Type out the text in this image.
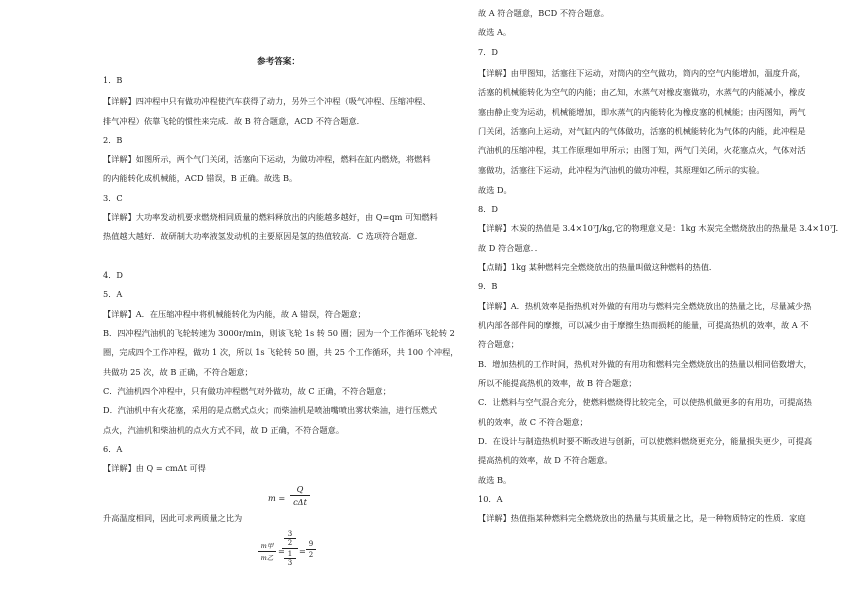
参考答案：
1．B
【详解】四冲程中只有做功冲程使汽车获得了动力，另外三个冲程（吸气冲程、压缩冲程、
排气冲程）依靠飞轮的惯性来完成．故 B 符合题意，ACD 不符合题意．
2．B
【详解】如图所示，两个气门关闭，活塞向下运动，为做功冲程，燃料在缸内燃烧，将燃料
的内能转化成机械能，ACD 错误，B 正确。故选 B。
3．C
【详解】大功率发动机要求燃烧相同质量的燃料释放出的内能越多越好，由 Q=qm 可知燃料
热值越大越好．故研制大功率液氢发动机的主要原因是氢的热值较高．C 选项符合题意．
4．D
5．A
【详解】A．在压缩冲程中将机械能转化为内能，故 A 错误，符合题意；
B．四冲程汽油机的飞轮转速为 3000r/min，则该飞轮 1s 转 50 圈；因为一个工作循环飞轮转 2
圈，完成四个工作冲程，做功 1 次，所以 1s 飞轮转 50 圈，共 25 个工作循环，共 100 个冲程，
共做功 25 次，故 B 正确，不符合题意；
C．汽油机四个冲程中，只有做功冲程燃气对外做功，故 C 正确，不符合题意；
D．汽油机中有火花塞，采用的是点燃式点火；而柴油机是喷油嘴喷出雾状柴油，进行压燃式
点火，汽油机和柴油机的点火方式不同，故 D 正确，不符合题意。
6．A
【详解】由 Q = cmΔt 可得
m =
Q
cΔt
升高温度相同，因此可求两质量之比为
m甲
m乙
=
3
2
1
3
=
9
2
故 A 符合题意，BCD 不符合题意。
故选 A。
7．D
【详解】由甲图知，活塞往下运动，对筒内的空气做功，筒内的空气内能增加，温度升高，
活塞的机械能转化为空气的内能；由乙知，水蒸气对橡皮塞做功，水蒸气的内能减小，橡皮
塞由静止变为运动，机械能增加，即水蒸气的内能转化为橡皮塞的机械能；由丙图知，两气
门关闭，活塞向上运动，对气缸内的气体做功，活塞的机械能转化为气体的内能，此冲程是
汽油机的压缩冲程，其工作原理如甲所示；由图丁知，两气门关闭，火花塞点火，气体对活
塞做功，活塞往下运动，此冲程为汽油机的做功冲程，其原理如乙所示的实验。
故选 D。
8．D
【详解】木炭的热值是 3.4×10⁷J/kg,它的物理意义是：1kg 木炭完全燃烧放出的热量是 3.4×10⁷J.
故 D 符合题意．．
【点睛】1kg 某种燃料完全燃烧放出的热量叫做这种燃料的热值．
9．B
【详解】A．热机效率是指热机对外做的有用功与燃料完全燃烧放出的热量之比，尽量减少热
机内部各部件间的摩擦，可以减少由于摩擦生热而损耗的能量，可提高热机的效率，故 A 不
符合题意；
B．增加热机的工作时间，热机对外做的有用功和燃料完全燃烧放出的热量以相同倍数增大，
所以不能提高热机的效率，故 B 符合题意；
C．让燃料与空气混合充分，使燃料燃烧得比较完全，可以使热机做更多的有用功，可提高热
机的效率，故 C 不符合题意；
D．在设计与制造热机时要不断改进与创新，可以使燃料燃烧更充分，能量损失更少，可提高
提高热机的效率，故 D 不符合题意。
故选 B。
10．A
【详解】热值指某种燃料完全燃烧放出的热量与其质量之比，是一种物质特定的性质．家庭
